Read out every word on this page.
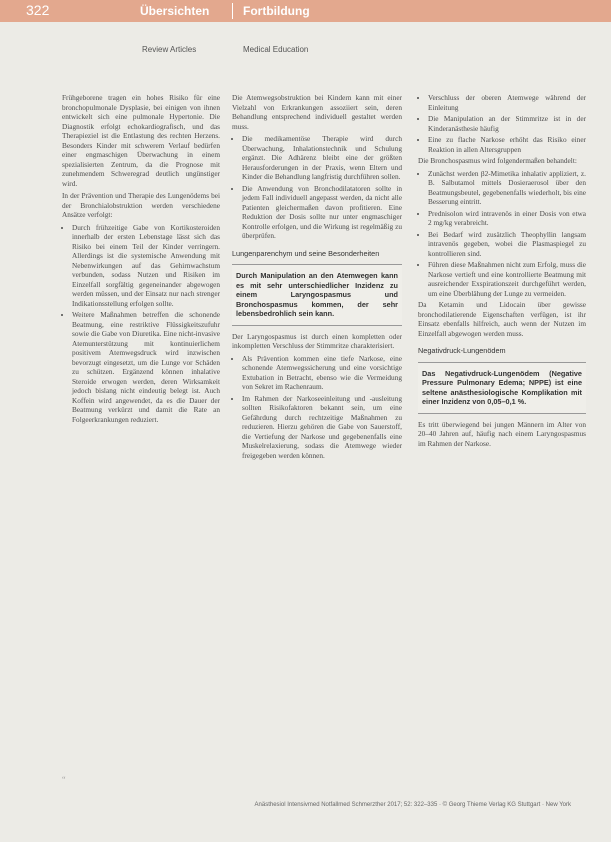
322	Übersichten	Fortbildung
Review Articles	Medical Education

Frühgeborene tragen ein hohes Risiko für eine bronchopulmonale Dysplasie, bei einigen von ihnen entwickelt sich eine pulmonale Hypertonie. Die Diagnostik erfolgt echokardiografisch, und das Therapieziel ist die Entlastung des rechten Herzens. Besonders Kinder mit schwerem Verlauf bedürfen einer engmaschigen Überwachung in einem spezialisierten Zentrum, da die Prognose mit zunehmendem Schweregrad deutlich ungünstiger wird.

In der Prävention und Therapie des Lungenödems bei der Bronchialobstruktion werden verschiedene Ansätze verfolgt:

• Durch frühzeitige Gabe von Kortikosteroiden innerhalb der ersten Lebenstage lässt sich das Risiko bei einem Teil der Kinder verringern. Allerdings ist die systemische Anwendung mit Nebenwirkungen auf das Gehirnwachstum verbunden, sodass Nutzen und Risiken im Einzelfall sorgfältig gegeneinander abgewogen werden müssen, und der Einsatz nur nach strenger Indikationsstellung erfolgen sollte.
• Weitere Maßnahmen betreffen die schonende Beatmung, eine restriktive Flüssigkeitszufuhr sowie die Gabe von Diuretika. Eine nicht-invasive Atemunterstützung mit kontinuierlichem positivem Atemwegsdruck wird inzwischen bevorzugt eingesetzt, um die Lunge vor Schäden zu schützen. Ergänzend können inhalative Steroide erwogen werden, deren Wirksamkeit jedoch bislang nicht eindeutig belegt ist. Auch Koffein wird angewendet, da es die Dauer der Beatmung verkürzt und damit die Rate an Folgeerkrankungen reduziert.

Die Atemwegsobstruktion bei Kindern kann mit einer Vielzahl von Erkrankungen assoziiert sein, deren Behandlung entsprechend individuell gestaltet werden muss.

• Die medikamentöse Therapie wird durch Überwachung, Inhalationstechnik und Schulung ergänzt. Die Adhärenz bleibt eine der größten Herausforderungen in der Praxis, wenn Eltern und Kinder die Behandlung langfristig durchführen sollen.
• Die Anwendung von Bronchodilatatoren sollte in jedem Fall individuell angepasst werden, da nicht alle Patienten gleichermaßen davon profitieren. Eine Reduktion der Dosis sollte nur unter engmaschiger Kontrolle erfolgen, und die Wirkung ist regelmäßig zu überprüfen.
Lungenparenchym und seine Besonderheiten
Durch Manipulation an den Atemwegen kann es mit sehr unterschiedlicher Inzidenz zu einem Laryngospasmus und Bronchospasmus kommen, der sehr lebensbedrohlich sein kann.

Der Laryngospasmus ist durch einen kompletten oder inkompletten Verschluss der Stimmritze charakterisiert.

• Als Prävention kommen eine tiefe Narkose, eine schonende Atemwegssicherung und eine vorsichtige Extubation in Betracht, ebenso wie die Vermeidung von Sekret im Rachenraum.
• Im Rahmen der Narkoseeinleitung und -ausleitung sollten Risikofaktoren bekannt sein, um eine Gefährdung durch rechtzeitige Maßnahmen zu reduzieren. Hierzu gehören die Gabe von Sauerstoff, die Vertiefung der Narkose und gegebenenfalls eine Muskelrelaxierung, sodass die Atemwege wieder freigegeben werden können.
• Verschluss der oberen Atemwege während der Einleitung
• Die Manipulation an der Stimmritze ist in der Kinderanästhesie häufig
• Eine zu flache Narkose erhöht das Risiko einer Reaktion in allen Altersgruppen

Die Bronchospasmus wird folgendermaßen behandelt:

• Zunächst werden β2-Mimetika inhalativ appliziert, z. B. Salbutamol mittels Dosieraerosol über den Beatmungsbeutel, gegebenenfalls wiederholt, bis eine Besserung eintritt.
• Prednisolon wird intravenös in einer Dosis von etwa 2 mg/kg verabreicht.
• Bei Bedarf wird zusätzlich Theophyllin langsam intravenös gegeben, wobei die Plasmaspiegel zu kontrollieren sind.
• Führen diese Maßnahmen nicht zum Erfolg, muss die Narkose vertieft und eine kontrollierte Beatmung mit ausreichender Exspirationszeit durchgeführt werden, um eine Überblähung der Lunge zu vermeiden.

Da Ketamin und Lidocain über gewisse bronchodilatierende Eigenschaften verfügen, ist ihr Einsatz ebenfalls hilfreich, auch wenn der Nutzen im Einzelfall abgewogen werden muss.

Negativdruck-Lungenödem
Das Negativdruck-Lungenödem (Negative Pressure Pulmonary Edema; NPPE) ist eine seltene anästhesiologische Komplikation mit einer Inzidenz von 0,05–0,1 %.

Es tritt überwiegend bei jungen Männern im Alter von 20–40 Jahren auf, häufig nach einem Laryngospasmus im Rahmen der Narkose.

“
Anästhesiol Intensivmed Notfallmed Schmerzther 2017; 52: 322–335 · © Georg Thieme Verlag KG Stuttgart · New York
